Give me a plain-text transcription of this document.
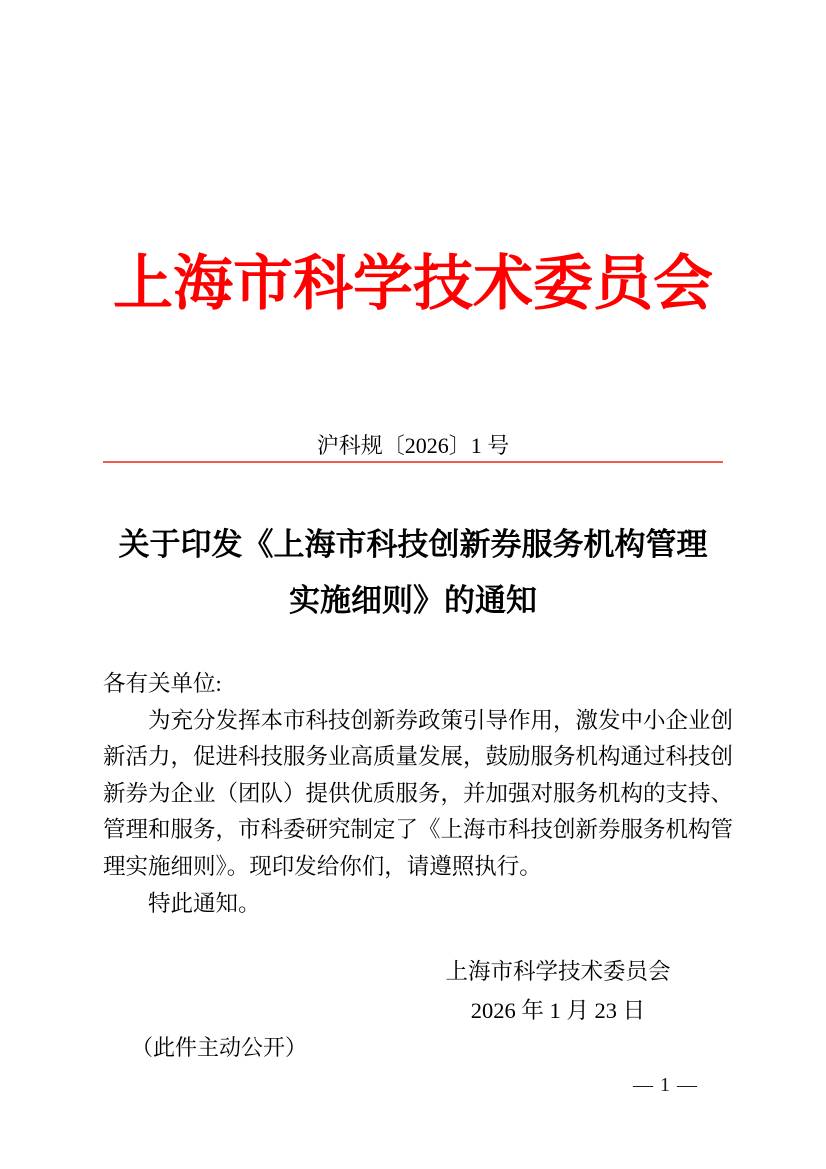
上海市科学技术委员会
沪科规〔2026〕1 号
关于印发《上海市科技创新券服务机构管理
实施细则》的通知
各有关单位:
为充分发挥本市科技创新券政策引导作用，激发中小企业创
新活力，促进科技服务业高质量发展，鼓励服务机构通过科技创
新券为企业（团队）提供优质服务，并加强对服务机构的支持、
管理和服务，市科委研究制定了《上海市科技创新券服务机构管
理实施细则》。现印发给你们，请遵照执行。
特此通知。
上海市科学技术委员会
2026 年 1 月 23 日
（此件主动公开）
— 1 —
